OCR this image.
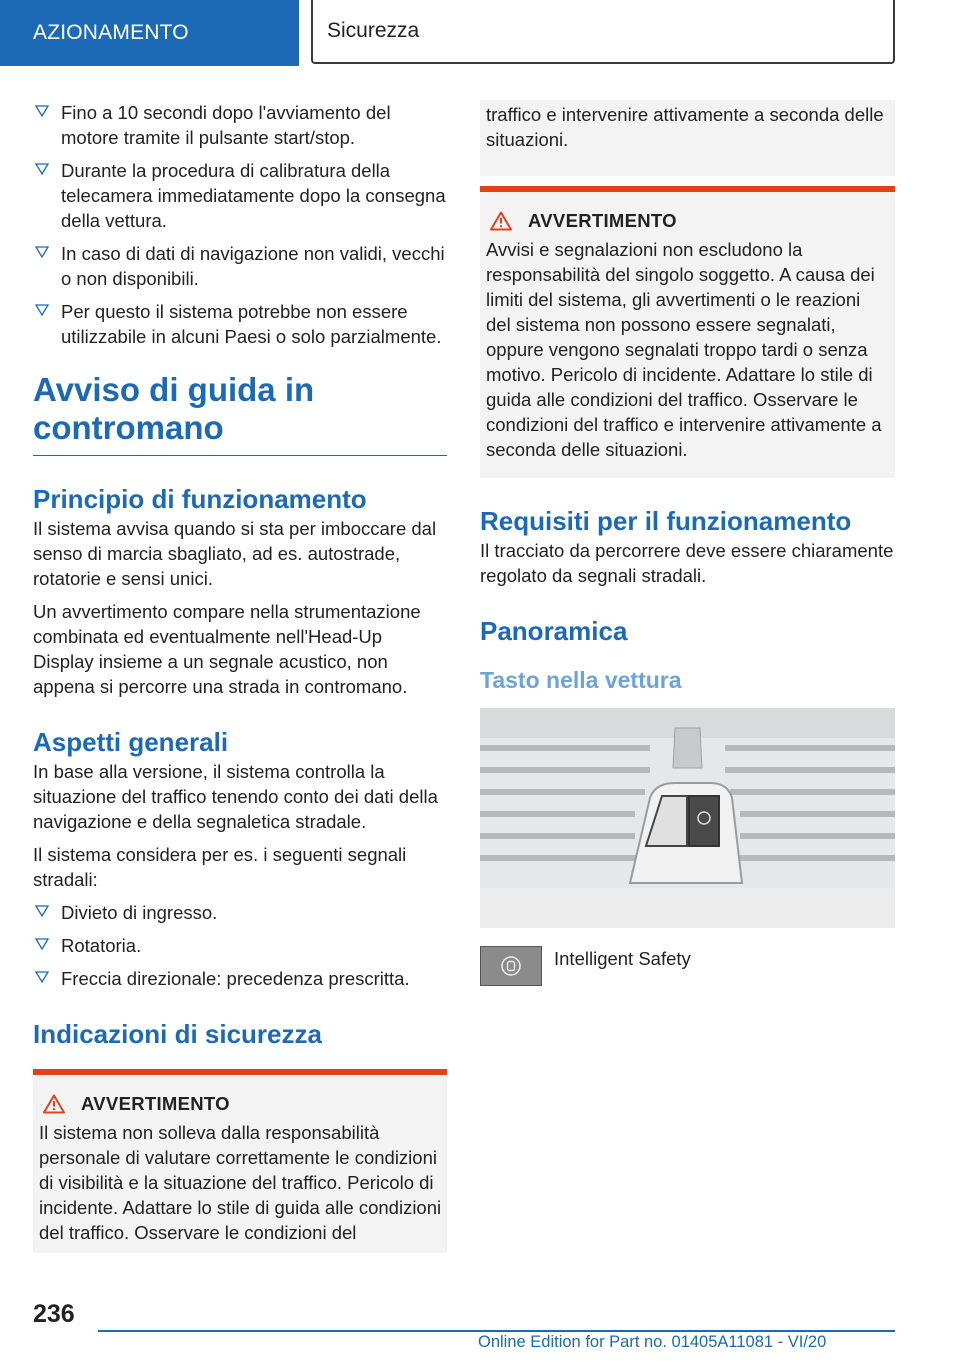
AZIONAMENTO	Sicurezza
Fino a 10 secondi dopo l'avviamento del motore tramite il pulsante start/stop.
Durante la procedura di calibratura della telecamera immediatamente dopo la consegna della vettura.
In caso di dati di navigazione non validi, vecchi o non disponibili.
Per questo il sistema potrebbe non essere utilizzabile in alcuni Paesi o solo parzialmente.
Avviso di guida in contromano
Principio di funzionamento

Il sistema avvisa quando si sta per imboccare dal senso di marcia sbagliato, ad es. autostrade, rotatorie e sensi unici.

Un avvertimento compare nella strumentazione combinata ed eventualmente nell'Head-Up Display insieme a un segnale acustico, non appena si percorre una strada in contromano.

Aspetti generali

In base alla versione, il sistema controlla la situazione del traffico tenendo conto dei dati della navigazione e della segnaletica stradale.

Il sistema considera per es. i seguenti segnali stradali:

Divieto di ingresso.
Rotatoria.
Freccia direzionale: precedenza prescritta.
Indicazioni di sicurezza
AVVERTIMENTO
Il sistema non solleva dalla responsabilità personale di valutare correttamente le condizioni di visibilità e la situazione del traffico. Pericolo di incidente. Adattare lo stile di guida alle condizioni del traffico. Osservare le condizioni del
traffico e intervenire attivamente a seconda delle situazioni.
AVVERTIMENTO
Avvisi e segnalazioni non escludono la responsabilità del singolo soggetto. A causa dei limiti del sistema, gli avvertimenti o le reazioni del sistema non possono essere segnalati, oppure vengono segnalati troppo tardi o senza motivo. Pericolo di incidente. Adattare lo stile di guida alle condizioni del traffico. Osservare le condizioni del traffico e intervenire attivamente a seconda delle situazioni.
Requisiti per il funzionamento

Il tracciato da percorrere deve essere chiaramente regolato da segnali stradali.

Panoramica
Tasto nella vettura
Intelligent Safety
236
Online Edition for Part no. 01405A11081 - VI/20
